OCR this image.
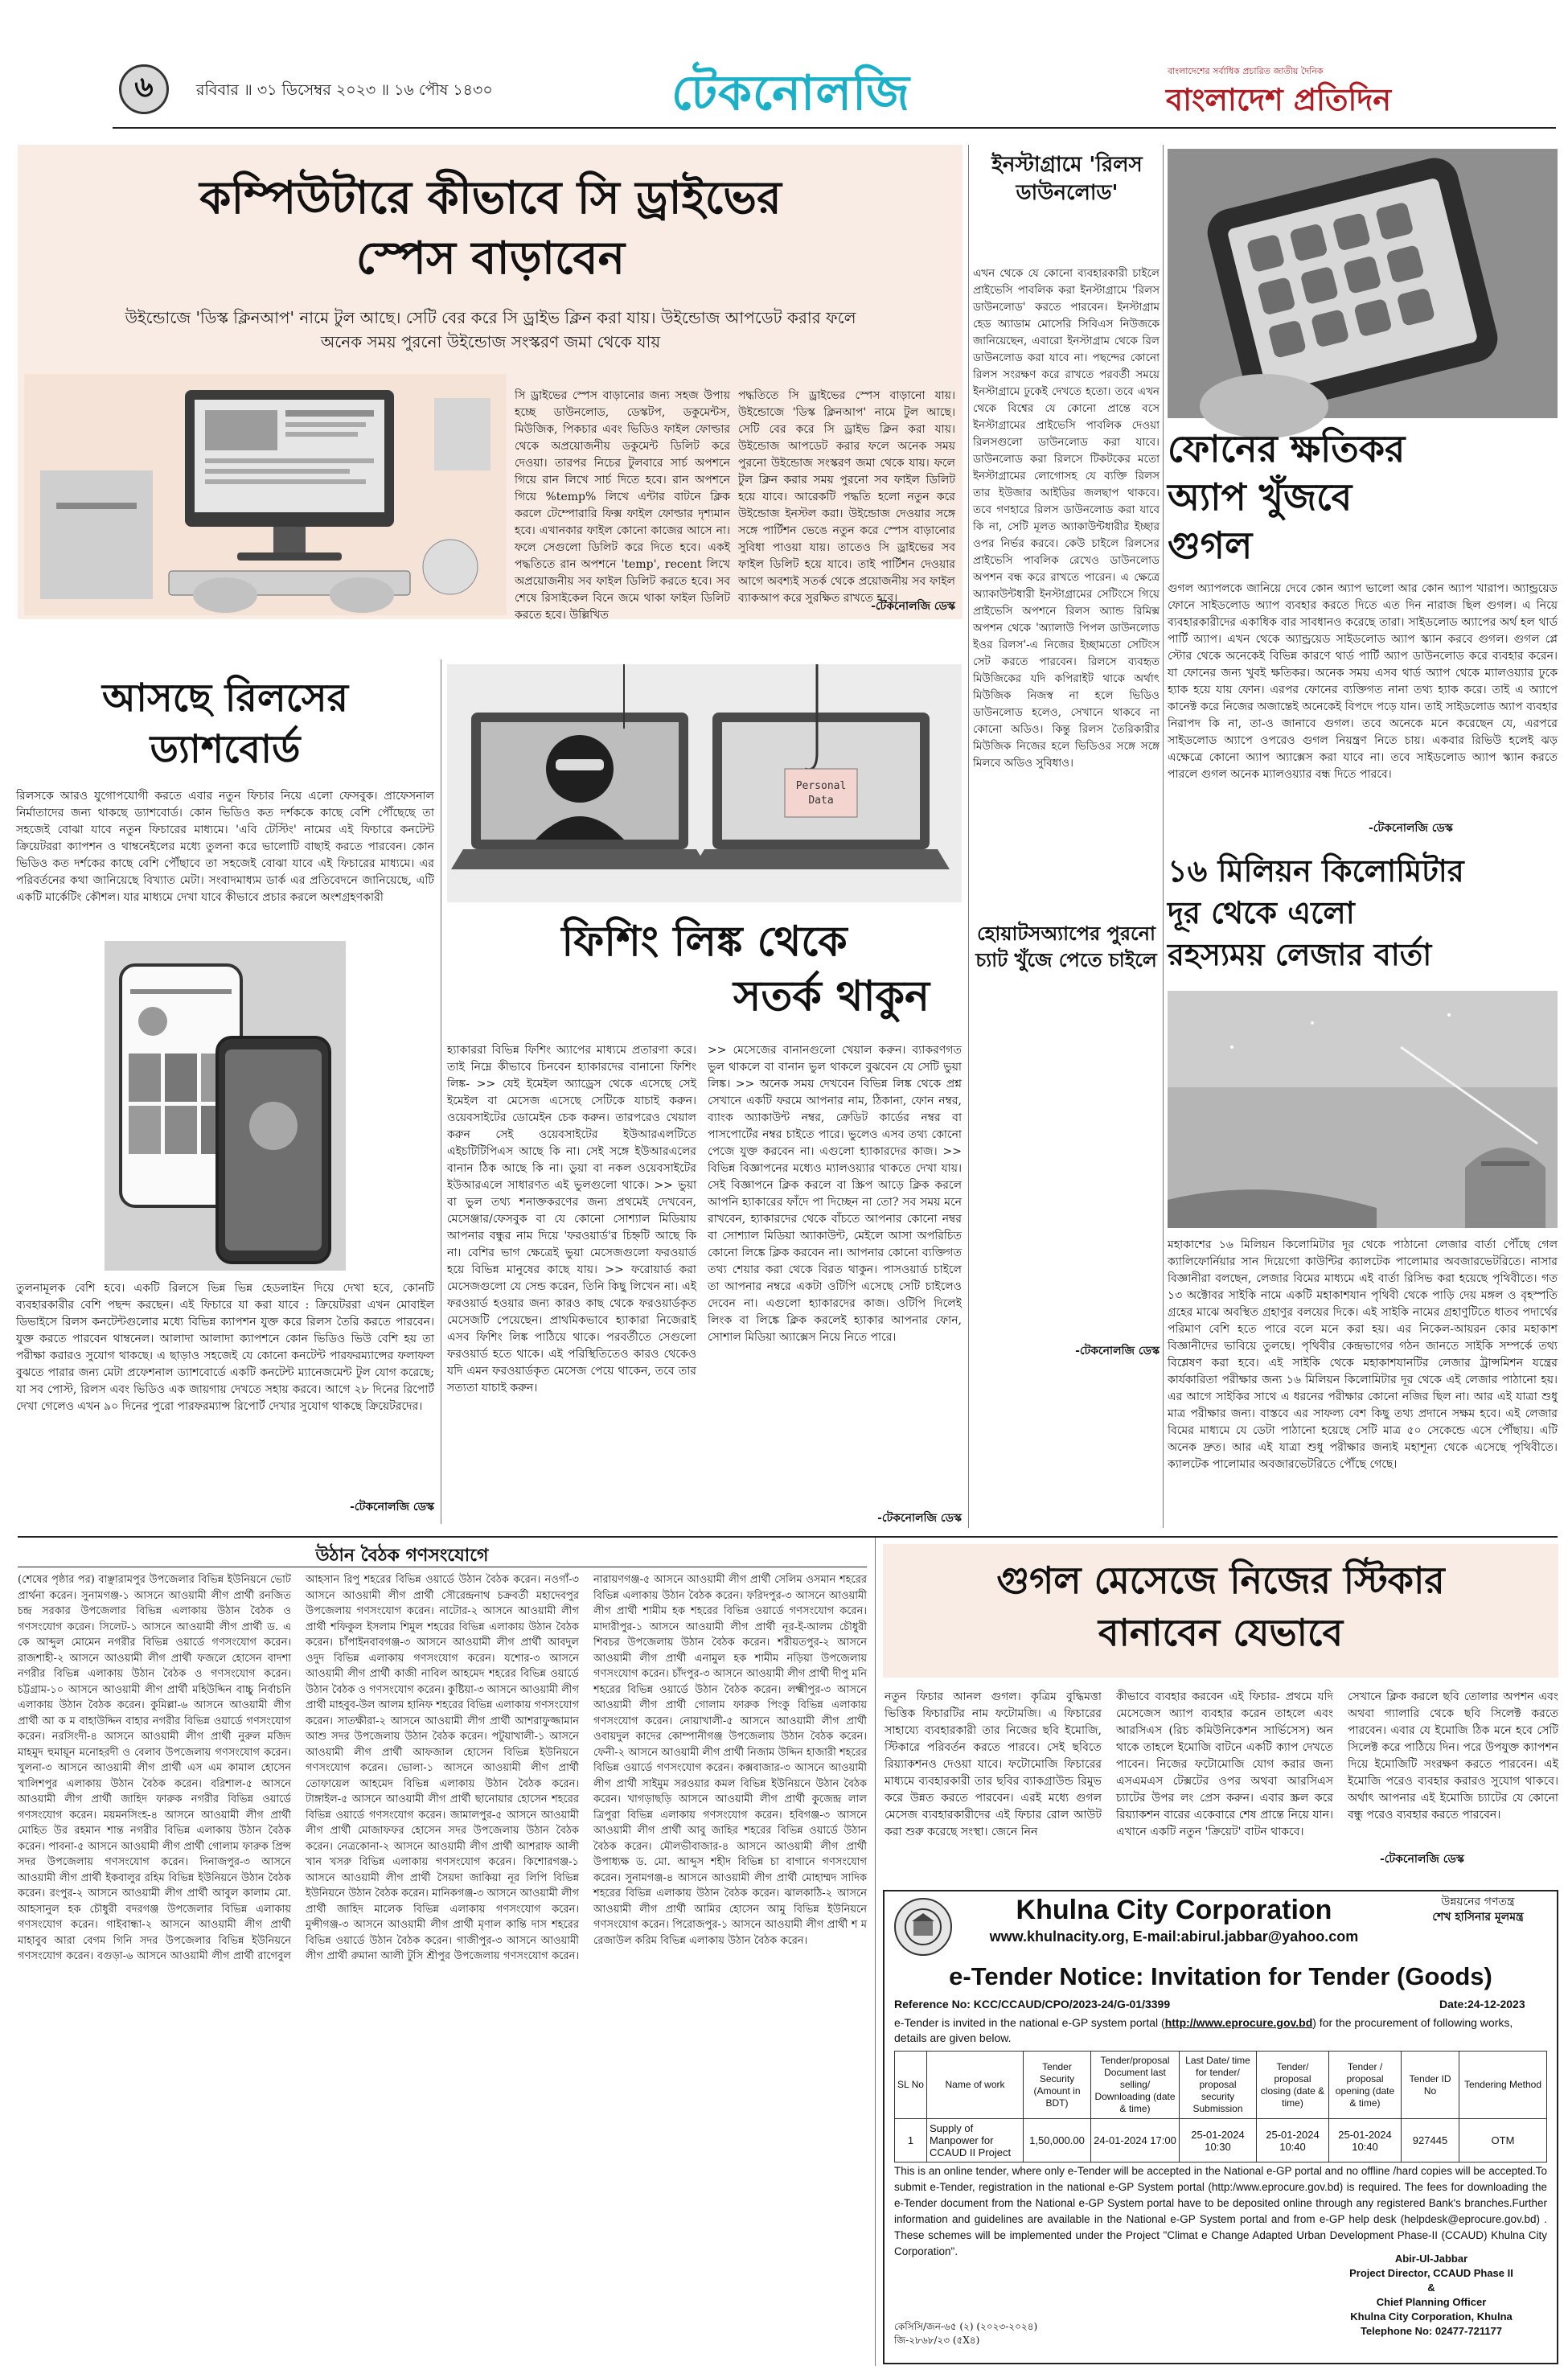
৬	রবিবার ॥ ৩১ ডিসেম্বর ২০২৩ ॥ ১৬ পৌষ ১৪৩০	টেকনোলজি	বাংলাদেশের সর্বাধিক প্রচারিত জাতীয় দৈনিক
বাংলাদেশ প্রতিদিন
কম্পিউটারে কীভাবে সি ড্রাইভের
স্পেস বাড়াবেন
উইন্ডোজে 'ডিস্ক ক্লিনআপ' নামে টুল আছে। সেটি বের করে সি ড্রাইভ ক্লিন করা যায়। উইন্ডোজ আপডেট করার ফলে অনেক সময় পুরনো উইন্ডোজ সংস্করণ জমা থেকে যায়
সি ড্রাইভের স্পেস বাড়ানোর জন্য সহজ উপায় হচ্ছে ডাউনলোড, ডেস্কটপ, ডকুমেন্টস, মিউজিক, পিকচার এবং ভিডিও ফাইল ফোল্ডার থেকে অপ্রয়োজনীয় ডকুমেন্ট ডিলিট করে দেওয়া। তারপর নিচের টুলবারে সার্চ অপশনে গিয়ে রান লিখে সার্চ দিতে হবে। রান অপশনে গিয়ে %temp% লিখে এন্টার বাটনে ক্লিক করলে টেম্পোরারি ফিক্স ফাইল ফোল্ডার দৃশ্যমান হবে। এখানকার ফাইল কোনো কাজের আসে না। ফলে সেগুলো ডিলিট করে দিতে হবে। একই পদ্ধতিতে রান অপশনে 'temp', recent লিখে অপ্রয়োজনীয় সব ফাইল ডিলিট করতে হবে। সব শেষে রিসাইকেল বিনে জমে থাকা ফাইল ডিলিট করতে হবে। উল্লিখিত
পদ্ধতিতে সি ড্রাইভের স্পেস বাড়ানো যায়। উইন্ডোজে 'ডিস্ক ক্লিনআপ' নামে টুল আছে। সেটি বের করে সি ড্রাইভ ক্লিন করা যায়। উইন্ডোজ আপডেট করার ফলে অনেক সময় পুরনো উইন্ডোজ সংস্করণ জমা থেকে যায়। ফলে টুল ক্লিন করার সময় পুরনো সব ফাইল ডিলিট হয়ে যাবে। আরেকটি পদ্ধতি হলো নতুন করে উইন্ডোজ ইনস্টল করা। উইন্ডোজ দেওয়ার সঙ্গে সঙ্গে পার্টিশন ভেঙে নতুন করে স্পেস বাড়ানোর সুবিধা পাওয়া যায়। তাতেও সি ড্রাইভের সব ফাইল ডিলিট হয়ে যাবে। তাই পার্টিশন দেওয়ার আগে অবশ্যই সতর্ক থেকে প্রয়োজনীয় সব ফাইল ব্যাকআপ করে সুরক্ষিত রাখতে হবে।
-টেকনোলজি ডেস্ক
ইনস্টাগ্রামে 'রিলস ডাউনলোড'
এখন থেকে যে কোনো ব্যবহারকারী চাইলে প্রাইভেসি পাবলিক করা ইনস্টাগ্রামে 'রিলস ডাউনলোড' করতে পারবেন। ইনস্টাগ্রাম হেড অ্যাডাম মোসেরি সিবিএস নিউজকে জানিয়েছেন, এবারো ইনস্টাগ্রাম থেকে রিল ডাউনলোড করা যাবে না। পছন্দের কোনো রিলস সংরক্ষণ করে রাখতে পরবর্তী সময়ে ইনস্টাগ্রামে ঢুকেই দেখতে হতো। তবে এখন থেকে বিশ্বের যে কোনো প্রান্তে বসে ইনস্টাগ্রামের প্রাইভেসি পাবলিক দেওয়া রিলসগুলো ডাউনলোড করা যাবে। ডাউনলোড করা রিলসে টিকটকের মতো ইনস্টাগ্রামের লোগোসহ যে ব্যক্তি রিলস তার ইউজার আইডির জলছাপ থাকবে। তবে গণহারে রিলস ডাউনলোড করা যাবে কি না, সেটি মূলত অ্যাকাউন্টধারীর ইচ্ছার ওপর নির্ভর করবে। কেউ চাইলে রিলসের প্রাইভেসি পাবলিক রেখেও ডাউনলোড অপশন বন্ধ করে রাখতে পারেন। এ ক্ষেত্রে অ্যাকাউন্টধারী ইনস্টাগ্রামের সেটিংসে গিয়ে প্রাইভেসি অপশনে রিলস অ্যান্ড রিমিক্স অপশন থেকে 'অ্যালাউ পিপল ডাউনলোড ইওর রিলস'-এ নিজের ইচ্ছামতো সেটিংস সেট করতে পারবেন। রিলসে ব্যবহৃত মিউজিকের যদি কপিরাইট থাকে অর্থাৎ মিউজিক নিজস্ব না হলে ভিডিও ডাউনলোড হলেও, সেখানে থাকবে না কোনো অডিও। কিন্তু রিলস তৈরিকারীর মিউজিক নিজের হলে ভিডিওর সঙ্গে সঙ্গে মিলবে অডিও সুবিধাও।
-টেকনোলজি ডেস্ক
ফোনের ক্ষতিকর
অ্যাপ খুঁজবে
গুগল
গুগল অ্যাপলকে জানিয়ে দেবে কোন অ্যাপ ভালো আর কোন অ্যাপ খারাপ। অ্যান্ড্রয়েড ফোনে সাইডলোড অ্যাপ ব্যবহার করতে দিতে এত দিন নারাজ ছিল গুগল। এ নিয়ে ব্যবহারকারীদের একাধিক বার সাবধানও করেছে তারা। সাইডলোড অ্যাপের অর্থ হল থার্ড পার্টি অ্যাপ। এখন থেকে অ্যান্ড্রয়েড সাইডলোড অ্যাপ স্ক্যান করবে গুগল। গুগল প্লে স্টোর থেকে অনেকেই বিভিন্ন কারণে থার্ড পার্টি অ্যাপ ডাউনলোড করে ব্যবহার করেন। যা ফোনের জন্য খুবই ক্ষতিকর। অনেক সময় এসব থার্ড অ্যাপ থেকে ম্যালওয়্যার ঢুকে হ্যাক হয়ে যায় ফোন। এরপর ফোনের ব্যক্তিগত নানা তথ্য হ্যাক করে। তাই এ অ্যাপে কানেক্ট করে নিজের অজান্তেই অনেকেই বিপদে পড়ে যান। তাই সাইডলোড অ্যাপ ব্যবহার নিরাপদ কি না, তা-ও জানাবে গুগল। তবে অনেকে মনে করেছেন যে, এরপরে সাইডলোড অ্যাপে ওপরেও গুগল নিয়ন্ত্রণ নিতে চায়। একবার রিভিউ হলেই ঝড় এক্ষেত্রে কোনো অ্যাপ অ্যাক্সেস করা যাবে না। তবে সাইডলোড অ্যাপ স্ক্যান করতে পারলে গুগল অনেক ম্যালওয়্যার বন্ধ দিতে পারবে।
-টেকনোলজি ডেস্ক
১৬ মিলিয়ন কিলোমিটার
দূর থেকে এলো
রহস্যময় লেজার বার্তা
মহাকাশের ১৬ মিলিয়ন কিলোমিটার দূর থেকে পাঠানো লেজার বার্তা পৌঁছে গেল ক্যালিফোর্নিয়ার সান দিয়েগো কাউন্টির ক্যালটেক পালোমার অবজারভেটরিতে। নাসার বিজ্ঞানীরা বলছেন, লেজার বিমের মাধ্যমে এই বার্তা রিসিভ করা হয়েছে পৃথিবীতে। গত ১৩ অক্টোবর সাইকি নামে একটি মহাকাশযান পৃথিবী থেকে পাড়ি দেয় মঙ্গল ও বৃহস্পতি গ্রহের মাঝে অবস্থিত গ্রহাণুর বলয়ের দিকে। এই সাইকি নামের গ্রহাণুটিতে ধাতব পদার্থের পরিমাণ বেশি হতে পারে বলে মনে করা হয়। এর নিকেল-আয়রন কোর মহাকাশ বিজ্ঞানীদের ভাবিয়ে তুলছে। পৃথিবীর কেন্দ্রভাগের গঠন জানতে সাইকি সম্পর্কে তথ্য বিশ্লেষণ করা হবে। এই সাইকি থেকে মহাকাশযানটির লেজার ট্রান্সমিশন যন্ত্রের কার্যকারিতা পরীক্ষার জন্য ১৬ মিলিয়ন কিলোমিটার দূর থেকে এই লেজার পাঠানো হয়। এর আগে সাইকির সাথে এ ধরনের পরীক্ষার কোনো নজির ছিল না। আর এই যাত্রা শুধু মাত্র পরীক্ষার জন্য। বাস্তবে এর সাফল্য বেশ কিছু তথ্য প্রদানে সক্ষম হবে। এই লেজার বিমের মাধ্যমে যে ডেটা পাঠানো হয়েছে সেটি মাত্র ৫০ সেকেন্ডে এসে পৌঁছায়। এটি অনেক দ্রুত। আর এই যাত্রা শুধু পরীক্ষার জন্যই মহাশূন্য থেকে এসেছে পৃথিবীতে। ক্যালটেক পালোমার অবজারভেটরিতে পৌঁছে গেছে।
আসছে রিলসের
ড্যাশবোর্ড
রিলসকে আরও যুগোপযোগী করতে এবার নতুন ফিচার নিয়ে এলো ফেসবুক। প্রাফেসনাল নির্মাতাদের জন্য থাকছে ড্যাশবোর্ড। কোন ভিডিও কত দর্শককে কাছে বেশি পৌঁছেছে তা সহজেই বোঝা যাবে নতুন ফিচারের মাধ্যমে। 'এবি টেস্টিং' নামের এই ফিচারে কনটেন্ট ক্রিয়েটররা ক্যাপশন ও থাম্বনেইলের মধ্যে তুলনা করে ভালোটি বাছাই করতে পারবেন। কোন ভিডিও কত দর্শকের কাছে বেশি পৌঁছাবে তা সহজেই বোঝা যাবে এই ফিচারের মাধ্যমে। এর পরিবর্তনের কথা জানিয়েছে বিখ্যাত মেটা। সংবাদমাধ্যম ডার্ক এর প্রতিবেদনে জানিয়েছে, এটি একটি মার্কেটিং কৌশল। যার মাধ্যমে দেখা যাবে কীভাবে প্রচার করলে অংশগ্রহণকারী
তুলনামূলক বেশি হবে। একটি রিলসে ভিন্ন ভিন্ন হেডলাইন দিয়ে দেখা হবে, কোনটি ব্যবহারকারীর বেশি পছন্দ করছেন। এই ফিচারে যা করা যাবে : ক্রিয়েটররা এখন মোবাইল ডিভাইসে রিলস কনটেন্টগুলোর মধ্যে বিভিন্ন ক্যাপশন যুক্ত করে রিলস তৈরি করতে পারবেন। যুক্ত করতে পারবেন থাম্বনেল। আলাদা আলাদা ক্যাপশনে কোন ভিডিও ভিউ বেশি হয় তা পরীক্ষা করারও সুযোগ থাকছে। এ ছাড়াও সহজেই যে কোনো কনটেন্ট পারফরম্যান্সের ফলাফল বুঝতে পারার জন্য মেটা প্রফেশনাল ড্যাশবোর্ডে একটি কনটেন্ট ম্যানেজমেন্ট টুল যোগ করেছে; যা সব পোস্ট, রিলস এবং ভিডিও এক জায়গায় দেখতে সহায় করবে। আগে ২৮ দিনের রিপোর্ট দেখা গেলেও এখন ৯০ দিনের পুরো পারফরম্যান্স রিপোর্ট দেখার সুযোগ থাকছে ক্রিয়েটরদের।
-টেকনোলজি ডেস্ক
Personal
Data
ফিশিং লিঙ্ক থেকে
সতর্ক থাকুন
হ্যাকাররা বিভিন্ন ফিশিং অ্যাপের মাধ্যমে প্রতারণা করে। তাই নিম্নে কীভাবে চিনবেন হ্যাকারদের বানানো ফিশিং লিঙ্ক- >> যেই ইমেইল অ্যাড্রেস থেকে এসেছে সেই ইমেইল বা মেসেজ এসেছে সেটিকে যাচাই করুন। ওয়েবসাইটের ডোমেইন চেক করুন। তারপরেও খেয়াল করুন সেই ওয়েবসাইটের ইউআরএলটিতে এইচটিটিপিএস আছে কি না। সেই সঙ্গে ইউআরএলের বানান ঠিক আছে কি না। ডুয়া বা নকল ওয়েবসাইটের ইউআরএলে সাধারণত এই ভুলগুলো থাকে। >> ভুয়া বা ভুল তথ্য শনাক্তকরণের জন্য প্রথমেই দেখবেন, মেসেঞ্জার/ফেসবুক বা যে কোনো সোশ্যাল মিডিয়ায় আপনার বন্ধুর নাম দিয়ে 'ফরওয়ার্ড'র চিহ্নটি আছে কি না। বেশির ভাগ ক্ষেত্রেই ভুয়া মেসেজগুলো ফরওয়ার্ড হয়ে বিভিন্ন মানুষের কাছে যায়। >> ফরোয়ার্ড করা মেসেজগুলো যে সেন্ড করেন, তিনি কিছু লিখেন না। এই ফরওয়ার্ড হওয়ার জন্য কারও কাছ থেকে ফরওয়ার্ডকৃত মেসেজটি পেয়েছেন। প্রাথমিকভাবে হ্যাকারা নিজেরাই এসব ফিশিং লিঙ্ক পাঠিয়ে থাকে। পরবর্তীতে সেগুলো ফরওয়ার্ড হতে থাকে। এই পরিস্থিতিতেও কারও থেকেও যদি এমন ফরওয়ার্ডকৃত মেসেজ পেয়ে থাকেন, তবে তার সত্যতা যাচাই করুন।
>> মেসেজের বানানগুলো খেয়াল করুন। ব্যাকরণগত ভুল থাকলে বা বানান ভুল থাকলে বুঝবেন যে সেটি ভুয়া লিঙ্ক। >> অনেক সময় দেখবেন বিভিন্ন লিঙ্ক থেকে প্রশ্ন সেখানে একটি ফরমে আপনার নাম, ঠিকানা, ফোন নম্বর, ব্যাংক অ্যাকাউন্ট নম্বর, ক্রেডিট কার্ডের নম্বর বা পাসপোর্টের নম্বর চাইতে পারে। ভুলেও এসব তথ্য কোনো পেজে যুক্ত করবেন না। এগুলো হ্যাকারদের কাজ। >> বিভিন্ন বিজ্ঞাপনের মধ্যেও ম্যালওয়্যার থাকতে দেখা যায়। সেই বিজ্ঞাপনে ক্লিক করলে বা স্ক্রিপ আড়ে ক্লিক করলে আপনি হ্যাকারের ফাঁদে পা দিচ্ছেন না তো? সব সময় মনে রাখবেন, হ্যাকারদের থেকে বাঁচতে আপনার কোনো নম্বর বা সোশ্যাল মিডিয়া অ্যাকাউন্ট, মেইলে আসা অপরিচিত কোনো লিঙ্কে ক্লিক করবেন না। আপনার কোনো ব্যক্তিগত তথ্য শেয়ার করা থেকে বিরত থাকুন। পাসওয়ার্ড চাইলে তা আপনার নম্বরে একটা ওটিপি এসেছে সেটি চাইলেও দেবেন না। এগুলো হ্যাকারদের কাজ। ওটিপি দিলেই লিংক বা লিঙ্কে ক্লিক করলেই হ্যাকার আপনার ফোন, সোশাল মিডিয়া অ্যাক্সেস নিয়ে নিতে পারে।
-টেকনোলজি ডেস্ক
হোয়াটসঅ্যাপের পুরনো চ্যাট খুঁজে পেতে চাইলে
উঠান বৈঠক গণসংযোগে
(শেষের পৃষ্ঠার পর) বাঞ্ছারামপুর উপজেলার বিভিন্ন ইউনিয়নে ভোট প্রার্থনা করেন। সুনামগঞ্জ-১ আসনে আওয়ামী লীগ প্রার্থী রনজিত চন্দ্র সরকার উপজেলার বিভিন্ন এলাকায় উঠান বৈঠক ও গণসংযোগ করেন। সিলেট-১ আসনে আওয়ামী লীগ প্রার্থী ড. এ কে আব্দুল মোমেন নগরীর বিভিন্ন ওয়ার্ডে গণসংযোগ করেন। রাজশাহী-২ আসনে আওয়ামী লীগ প্রার্থী ফজলে হোসেন বাদশা নগরীর বিভিন্ন এলাকায় উঠান বৈঠক ও গণসংযোগ করেন। চট্টগ্রাম-১০ আসনে আওয়ামী লীগ প্রার্থী মহিউদ্দিন বাচ্চু নির্বাচনি এলাকায় উঠান বৈঠক করেন। কুমিল্লা-৬ আসনে আওয়ামী লীগ প্রার্থী আ ক ম বাহাউদ্দিন বাহার নগরীর বিভিন্ন ওয়ার্ডে গণসংযোগ করেন। নরসিংদী-৪ আসনে আওয়ামী লীগ প্রার্থী নুরুল মজিদ মাহমুদ হুমায়ূন মনোহরদী ও বেলাব উপজেলায় গণসংযোগ করেন। খুলনা-৩ আসনে আওয়ামী লীগ প্রার্থী এস এম কামাল হোসেন খালিশপুর এলাকায় উঠান বৈঠক করেন। বরিশাল-৫ আসনে আওয়ামী লীগ প্রার্থী জাহিদ ফারুক নগরীর বিভিন্ন ওয়ার্ডে গণসংযোগ করেন। ময়মনসিংহ-৪ আসনে আওয়ামী লীগ প্রার্থী মোহিত উর রহমান শান্ত নগরীর বিভিন্ন এলাকায় উঠান বৈঠক করেন। পাবনা-৫ আসনে আওয়ামী লীগ প্রার্থী গোলাম ফারুক প্রিন্স সদর উপজেলায় গণসংযোগ করেন। দিনাজপুর-৩ আসনে আওয়ামী লীগ প্রার্থী ইকবালুর রহিম বিভিন্ন ইউনিয়নে উঠান বৈঠক করেন। রংপুর-২ আসনে আওয়ামী লীগ প্রার্থী আবুল কালাম মো. আহসানুল হক চৌধুরী বদরগঞ্জ উপজেলার বিভিন্ন এলাকায় গণসংযোগ করেন। গাইবান্ধা-২ আসনে আওয়ামী লীগ প্রার্থী মাহাবুব আরা বেগম গিনি সদর উপজেলার বিভিন্ন ইউনিয়নে গণসংযোগ করেন। বগুড়া-৬ আসনে আওয়ামী লীগ প্রার্থী রাগেবুল আহসান রিপু শহরের বিভিন্ন ওয়ার্ডে উঠান বৈঠক করেন। নওগাঁ-৩ আসনে আওয়ামী লীগ প্রার্থী সৌরেন্দ্রনাথ চক্রবর্তী মহাদেবপুর উপজেলায় গণসংযোগ করেন। নাটোর-২ আসনে আওয়ামী লীগ প্রার্থী শফিকুল ইসলাম শিমুল শহরের বিভিন্ন এলাকায় উঠান বৈঠক করেন। চাঁপাইনবাবগঞ্জ-৩ আসনে আওয়ামী লীগ প্রার্থী আবদুল ওদুদ বিভিন্ন এলাকায় গণসংযোগ করেন। যশোর-৩ আসনে আওয়ামী লীগ প্রার্থী কাজী নাবিল আহমেদ শহরের বিভিন্ন ওয়ার্ডে উঠান বৈঠক ও গণসংযোগ করেন। কুষ্টিয়া-৩ আসনে আওয়ামী লীগ প্রার্থী মাহবুব-উল আলম হানিফ শহরের বিভিন্ন এলাকায় গণসংযোগ করেন। সাতক্ষীরা-২ আসনে আওয়ামী লীগ প্রার্থী আশরাফুজ্জামান আশু সদর উপজেলায় উঠান বৈঠক করেন। পটুয়াখালী-১ আসনে আওয়ামী লীগ প্রার্থী আফজাল হোসেন বিভিন্ন ইউনিয়নে গণসংযোগ করেন। ভোলা-১ আসনে আওয়ামী লীগ প্রার্থী তোফায়েল আহমেদ বিভিন্ন এলাকায় উঠান বৈঠক করেন। টাঙ্গাইল-৫ আসনে আওয়ামী লীগ প্রার্থী ছানোয়ার হোসেন শহরের বিভিন্ন ওয়ার্ডে গণসংযোগ করেন। জামালপুর-৫ আসনে আওয়ামী লীগ প্রার্থী মোজাফফর হোসেন সদর উপজেলায় উঠান বৈঠক করেন। নেত্রকোনা-২ আসনে আওয়ামী লীগ প্রার্থী আশরাফ আলী খান খসরু বিভিন্ন এলাকায় গণসংযোগ করেন। কিশোরগঞ্জ-১ আসনে আওয়ামী লীগ প্রার্থী সৈয়দা জাকিয়া নূর লিপি বিভিন্ন ইউনিয়নে উঠান বৈঠক করেন। মানিকগঞ্জ-৩ আসনে আওয়ামী লীগ প্রার্থী জাহিদ মালেক বিভিন্ন এলাকায় গণসংযোগ করেন। মুন্সীগঞ্জ-৩ আসনে আওয়ামী লীগ প্রার্থী মৃণাল কান্তি দাস শহরের বিভিন্ন ওয়ার্ডে উঠান বৈঠক করেন। গাজীপুর-৩ আসনে আওয়ামী লীগ প্রার্থী রুমানা আলী টুসি শ্রীপুর উপজেলায় গণসংযোগ করেন। নারায়ণগঞ্জ-৫ আসনে আওয়ামী লীগ প্রার্থী সেলিম ওসমান শহরের বিভিন্ন এলাকায় উঠান বৈঠক করেন। ফরিদপুর-৩ আসনে আওয়ামী লীগ প্রার্থী শামীম হক শহরের বিভিন্ন ওয়ার্ডে গণসংযোগ করেন। মাদারীপুর-১ আসনে আওয়ামী লীগ প্রার্থী নূর-ই-আলম চৌধুরী শিবচর উপজেলায় উঠান বৈঠক করেন। শরীয়তপুর-২ আসনে আওয়ামী লীগ প্রার্থী এনামুল হক শামীম নড়িয়া উপজেলায় গণসংযোগ করেন। চাঁদপুর-৩ আসনে আওয়ামী লীগ প্রার্থী দীপু মনি শহরের বিভিন্ন ওয়ার্ডে উঠান বৈঠক করেন। লক্ষ্মীপুর-৩ আসনে আওয়ামী লীগ প্রার্থী গোলাম ফারুক পিংকু বিভিন্ন এলাকায় গণসংযোগ করেন। নোয়াখালী-৫ আসনে আওয়ামী লীগ প্রার্থী ওবায়দুল কাদের কোম্পানীগঞ্জ উপজেলায় উঠান বৈঠক করেন। ফেনী-২ আসনে আওয়ামী লীগ প্রার্থী নিজাম উদ্দিন হাজারী শহরের বিভিন্ন ওয়ার্ডে গণসংযোগ করেন। কক্সবাজার-৩ আসনে আওয়ামী লীগ প্রার্থী সাইমুম সরওয়ার কমল বিভিন্ন ইউনিয়নে উঠান বৈঠক করেন। খাগড়াছড়ি আসনে আওয়ামী লীগ প্রার্থী কুজেন্দ্র লাল ত্রিপুরা বিভিন্ন এলাকায় গণসংযোগ করেন। হবিগঞ্জ-৩ আসনে আওয়ামী লীগ প্রার্থী আবু জাহির শহরের বিভিন্ন ওয়ার্ডে উঠান বৈঠক করেন। মৌলভীবাজার-৪ আসনে আওয়ামী লীগ প্রার্থী উপাধ্যক্ষ ড. মো. আব্দুস শহীদ বিভিন্ন চা বাগানে গণসংযোগ করেন। সুনামগঞ্জ-৪ আসনে আওয়ামী লীগ প্রার্থী মোহাম্মদ সাদিক শহরের বিভিন্ন এলাকায় উঠান বৈঠক করেন। ঝালকাঠি-২ আসনে আওয়ামী লীগ প্রার্থী আমির হোসেন আমু বিভিন্ন ইউনিয়নে গণসংযোগ করেন। পিরোজপুর-১ আসনে আওয়ামী লীগ প্রার্থী শ ম রেজাউল করিম বিভিন্ন এলাকায় উঠান বৈঠক করেন।
গুগল মেসেজে নিজের স্টিকার
বানাবেন যেভাবে
নতুন ফিচার আনল গুগল। কৃত্রিম বুদ্ধিমত্তা ভিত্তিক ফিচারটির নাম ফটোমজি। এ ফিচারের সাহায্যে ব্যবহারকারী তার নিজের ছবি ইমোজি, স্টিকারে পরিবর্তন করতে পারবে। সেই ছবিতে রিয়্যাকশনও দেওয়া যাবে। ফটোমোজি ফিচারের মাধ্যমে ব্যবহারকারী তার ছবির ব্যাকগ্রাউন্ড রিমুভ করে উন্নত করতে পারবেন। এরই মধ্যে গুগল মেসেজ ব্যবহারকারীদের এই ফিচার রোল আউট করা শুরু করেছে সংস্থা। জেনে নিন
কীভাবে ব্যবহার করবেন এই ফিচার- প্রথমে যদি মেসেজেস অ্যাপ ব্যবহার করেন তাহলে এবং আরসিএস (রিচ কমিউনিকেশন সার্ভিসেস) অন থাকে তাহলে ইমোজি বাটনে একটি ক্যাপ দেখতে পাবেন। নিজের ফটোমোজি যোগ করার জন্য এসএমএস টেক্সটের ওপর অথবা আরসিএস চ্যাটের উপর লং প্রেস করুন। এবার স্ক্রল করে রিয়্যাকশন বারের একেবারে শেষ প্রান্তে নিয়ে যান। এখানে একটি নতুন 'ক্রিয়েট' বাটন থাকবে।
সেখানে ক্লিক করলে ছবি তোলার অপশন এবং অথবা গ্যালারি থেকে ছবি সিলেক্ট করতে পারবেন। এবার যে ইমোজি ঠিক মনে হবে সেটি সিলেক্ট করে পাঠিয়ে দিন। পরে উপযুক্ত ক্যাপশন দিয়ে ইমোজিটি সংরক্ষণ করতে পারবেন। এই ইমোজি পরেও ব্যবহার করারও সুযোগ থাকবে। অর্থাৎ আপনার এই ইমোজি চ্যাটের যে কোনো বন্ধু পরেও ব্যবহার করতে পারবেন।
-টেকনোলজি ডেস্ক
Khulna City Corporation
www.khulnacity.org, E-mail:abirul.jabbar@yahoo.com
উন্নয়নের গণতন্ত্র
শেখ হাসিনার মূলমন্ত্র
e-Tender Notice: Invitation for Tender (Goods)
Reference No: KCC/CCAUD/CPO/2023-24/G-01/3399	Date:24-12-2023
e-Tender is invited in the national e-GP system portal (http://www.eprocure.gov.bd) for the procurement of following works, details are given below.
SL No	Name of work	Tender Security (Amount in BDT)	Tender/proposal Document last selling/ Downloading (date & time)	Last Date/ time for tender/ proposal security Submission	Tender/ proposal closing (date & time)	Tender / proposal opening (date & time)	Tender ID No	Tendering Method
1	Supply of Manpower for CCAUD II Project	1,50,000.00	24-01-2024 17:00	25-01-2024 10:30	25-01-2024 10:40	25-01-2024 10:40	927445	OTM
This is an online tender, where only e-Tender will be accepted in the National e-GP portal and no offline /hard copies will be accepted.To submit e-Tender, registration in the national e-GP System portal (http:/www.eprocure.gov.bd) is required. The fees for downloading the e-Tender document from the National e-GP System portal have to be deposited online through any registered Bank's branches.Further information and guidelines are available in the National e-GP System portal and from e-GP help desk (helpdesk@eprocure.gov.bd) . These schemes will be implemented under the Project "Climat e Change Adapted Urban Development Phase-II (CCAUD) Khulna City Corporation".
Abir-Ul-Jabbar
Project Director, CCAUD Phase II
&
Chief Planning Officer
Khulna City Corporation, Khulna
Telephone No: 02477-721177
কেসিসি/জন-৬৫ (২) (২০২৩-২০২৪)
জি-২৮৬৮/২৩ (৫X৪)
